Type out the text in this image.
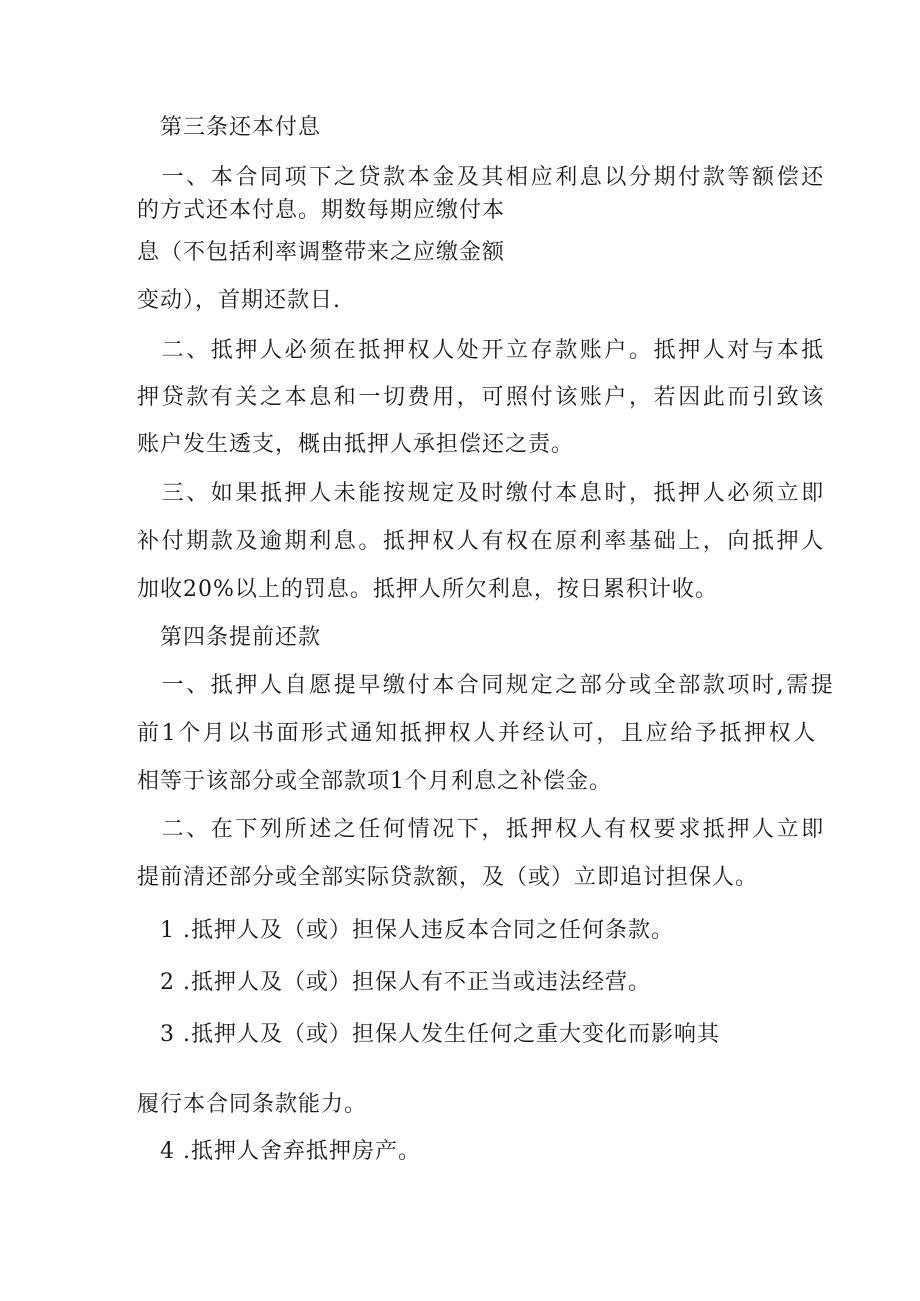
　第三条还本付息

　一、本合同项下之贷款本金及其相应利息以分期付款等额偿还

的方式还本付息。期数每期应缴付本

息（不包括利率调整带来之应缴金额

变动），首期还款日.

　二、抵押人必须在抵押权人处开立存款账户。抵押人对与本抵

押贷款有关之本息和一切费用，可照付该账户，若因此而引致该

账户发生透支，概由抵押人承担偿还之责。

　三、如果抵押人未能按规定及时缴付本息时，抵押人必须立即

补付期款及逾期利息。抵押权人有权在原利率基础上，向抵押人

加收20%以上的罚息。抵押人所欠利息，按日累积计收。

　第四条提前还款

　一、抵押人自愿提早缴付本合同规定之部分或全部款项时,需提

前1个月以书面形式通知抵押权人并经认可，且应给予抵押权人

相等于该部分或全部款项1个月利息之补偿金。

　二、在下列所述之任何情况下，抵押权人有权要求抵押人立即

提前清还部分或全部实际贷款额，及（或）立即追讨担保人。

　1 .抵押人及（或）担保人违反本合同之任何条款。

　2 .抵押人及（或）担保人有不正当或违法经营。

　3 .抵押人及（或）担保人发生任何之重大变化而影响其

履行本合同条款能力。

　4 .抵押人舍弃抵押房产。
